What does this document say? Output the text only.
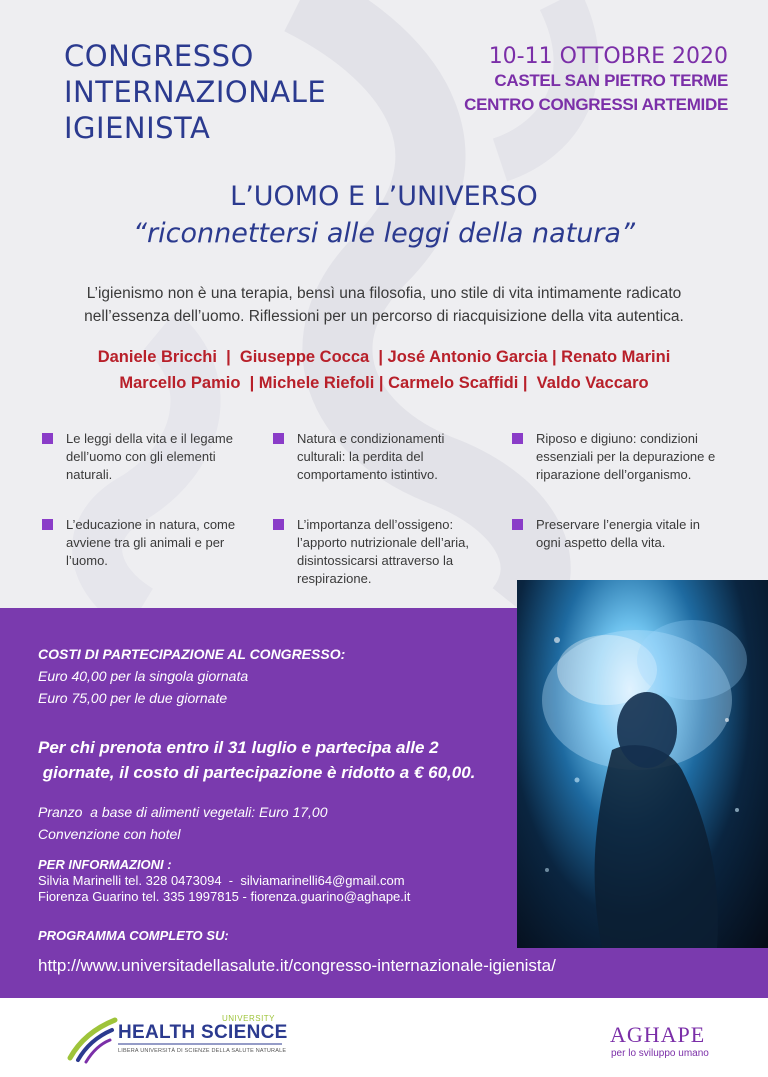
CONGRESSO
INTERNAZIONALE
IGIENISTA
10-11 OTTOBRE 2020
CASTEL SAN PIETRO TERME
CENTRO CONGRESSI ARTEMIDE
L’UOMO E L’UNIVERSO
“riconnettersi alle leggi della natura”
L’igienismo non è una terapia, bensì una filosofia, uno stile di vita intimamente radicato
nell’essenza dell’uomo. Riflessioni per un percorso di riacquisizione della vita autentica.
Daniele Bricchi  |  Giuseppe Cocca  | José Antonio Garcia | Renato Marini
Marcello Pamio  | Michele Riefoli | Carmelo Scaffidi |  Valdo Vaccaro
Le leggi della vita e il legame dell’uomo con gli elementi naturali.
Natura e condizionamenti culturali: la perdita del comportamento istintivo.
Riposo e digiuno: condizioni essenziali per la depurazione e riparazione dell’organismo.
L’educazione in natura, come avviene tra gli animali e per l’uomo.
L’importanza dell’ossigeno: l’apporto nutrizionale dell’aria, disintossicarsi attraverso la respirazione.
Preservare l’energia vitale in ogni aspetto della vita.
COSTI DI PARTECIPAZIONE AL CONGRESSO:
Euro 40,00 per la singola giornata
Euro 75,00 per le due giornate
Per chi prenota entro il 31 luglio e partecipa alle 2
giornate, il costo di partecipazione è ridotto a € 60,00.
Pranzo  a base di alimenti vegetali: Euro 17,00
Convenzione con hotel
PER INFORMAZIONI :
Silvia Marinelli tel. 328 0473094  -  silviamarinelli64@gmail.com
Fiorenza Guarino tel. 335 1997815 - fiorenza.guarino@aghape.it
PROGRAMMA COMPLETO SU:
http://www.universitadellasalute.it/congresso-internazionale-igienista/
UNIVERSITY
HEALTH SCIENCE
LIBERA UNIVERSITÀ DI SCIENZE DELLA SALUTE NATURALE
AGHAPE
per lo sviluppo umano
